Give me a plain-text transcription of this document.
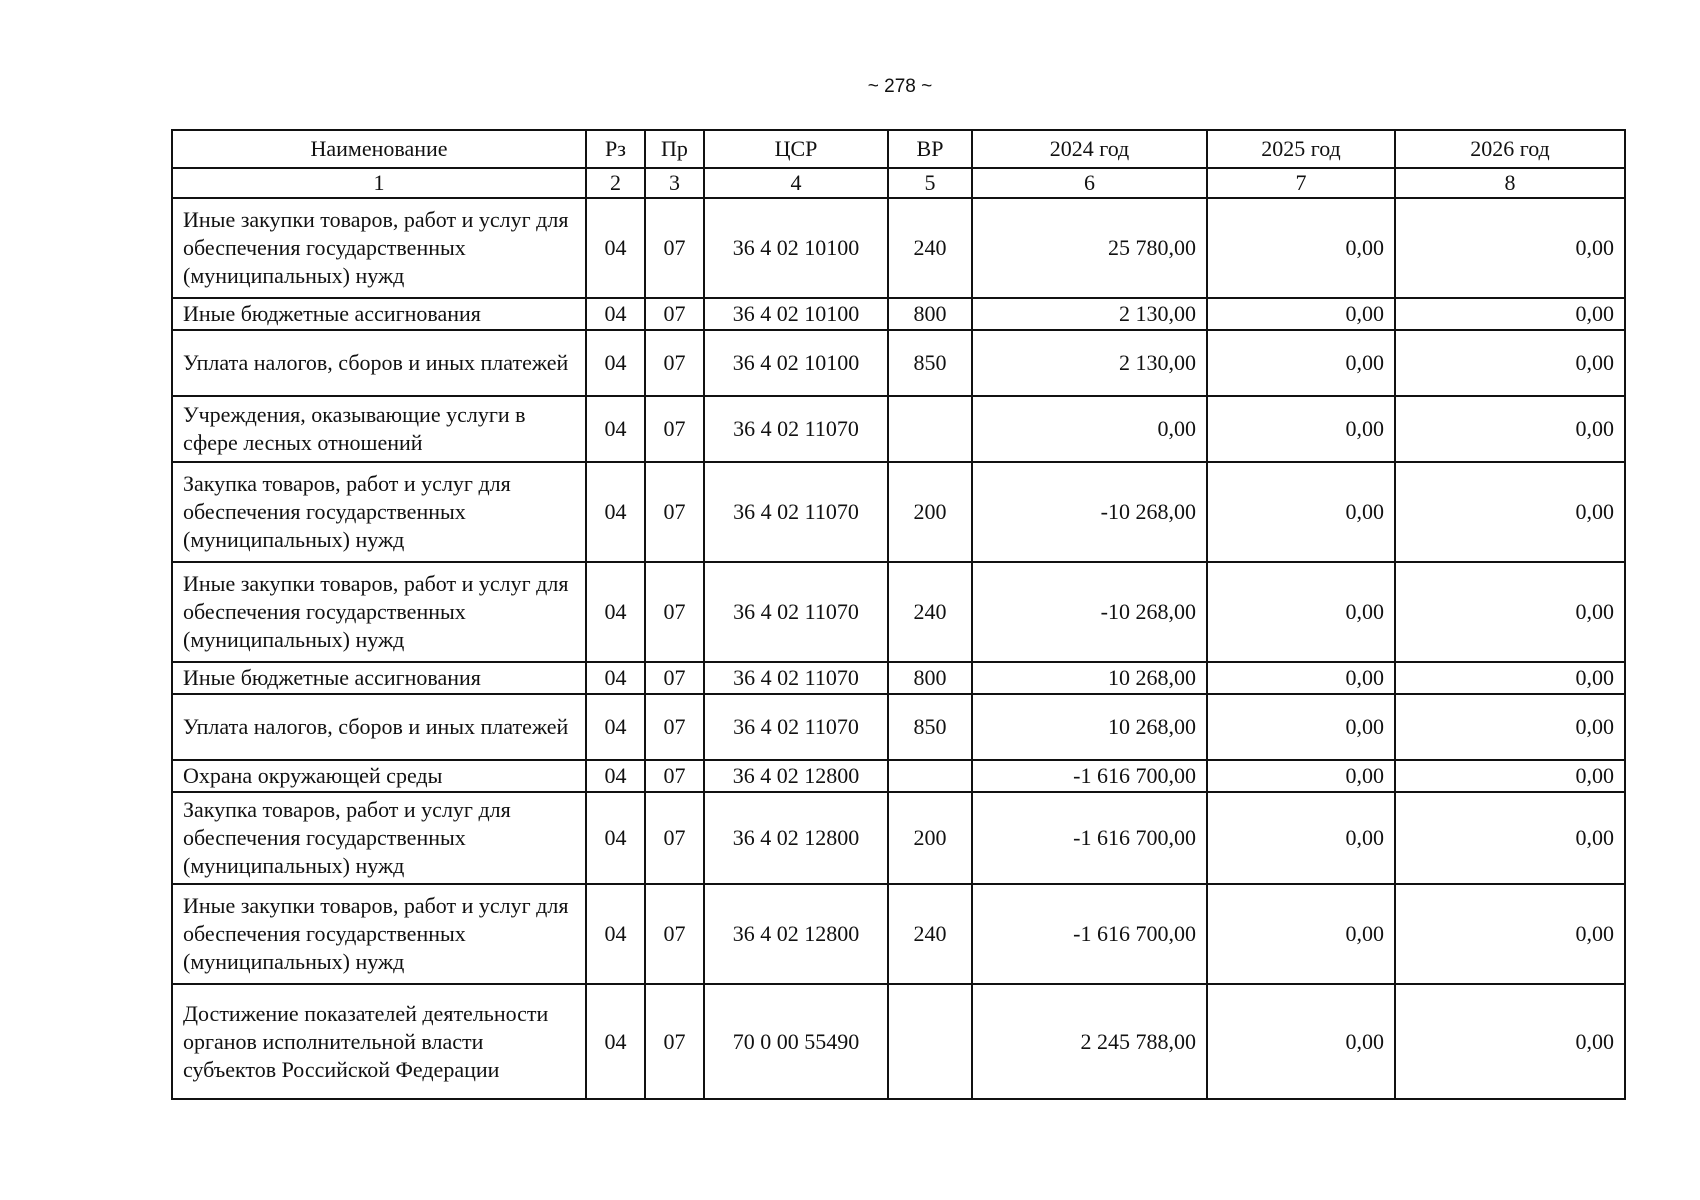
~ 278 ~
Наименование	Рз	Пр	ЦСР	ВР	2024 год	2025 год	2026 год
1	2	3	4	5	6	7	8
Иные закупки товаров, работ и услуг для обеспечения государственных (муниципальных) нужд	04	07	36 4 02 10100	240	25 780,00	0,00	0,00
Иные бюджетные ассигнования	04	07	36 4 02 10100	800	2 130,00	0,00	0,00
Уплата налогов, сборов и иных платежей	04	07	36 4 02 10100	850	2 130,00	0,00	0,00
Учреждения, оказывающие услуги в сфере лесных отношений	04	07	36 4 02 11070		0,00	0,00	0,00
Закупка товаров, работ и услуг для обеспечения государственных (муниципальных) нужд	04	07	36 4 02 11070	200	-10 268,00	0,00	0,00
Иные закупки товаров, работ и услуг для обеспечения государственных (муниципальных) нужд	04	07	36 4 02 11070	240	-10 268,00	0,00	0,00
Иные бюджетные ассигнования	04	07	36 4 02 11070	800	10 268,00	0,00	0,00
Уплата налогов, сборов и иных платежей	04	07	36 4 02 11070	850	10 268,00	0,00	0,00
Охрана окружающей среды	04	07	36 4 02 12800		-1 616 700,00	0,00	0,00
Закупка товаров, работ и услуг для обеспечения государственных (муниципальных) нужд	04	07	36 4 02 12800	200	-1 616 700,00	0,00	0,00
Иные закупки товаров, работ и услуг для обеспечения государственных (муниципальных) нужд	04	07	36 4 02 12800	240	-1 616 700,00	0,00	0,00
Достижение показателей деятельности органов исполнительной власти субъектов Российской Федерации	04	07	70 0 00 55490		2 245 788,00	0,00	0,00
